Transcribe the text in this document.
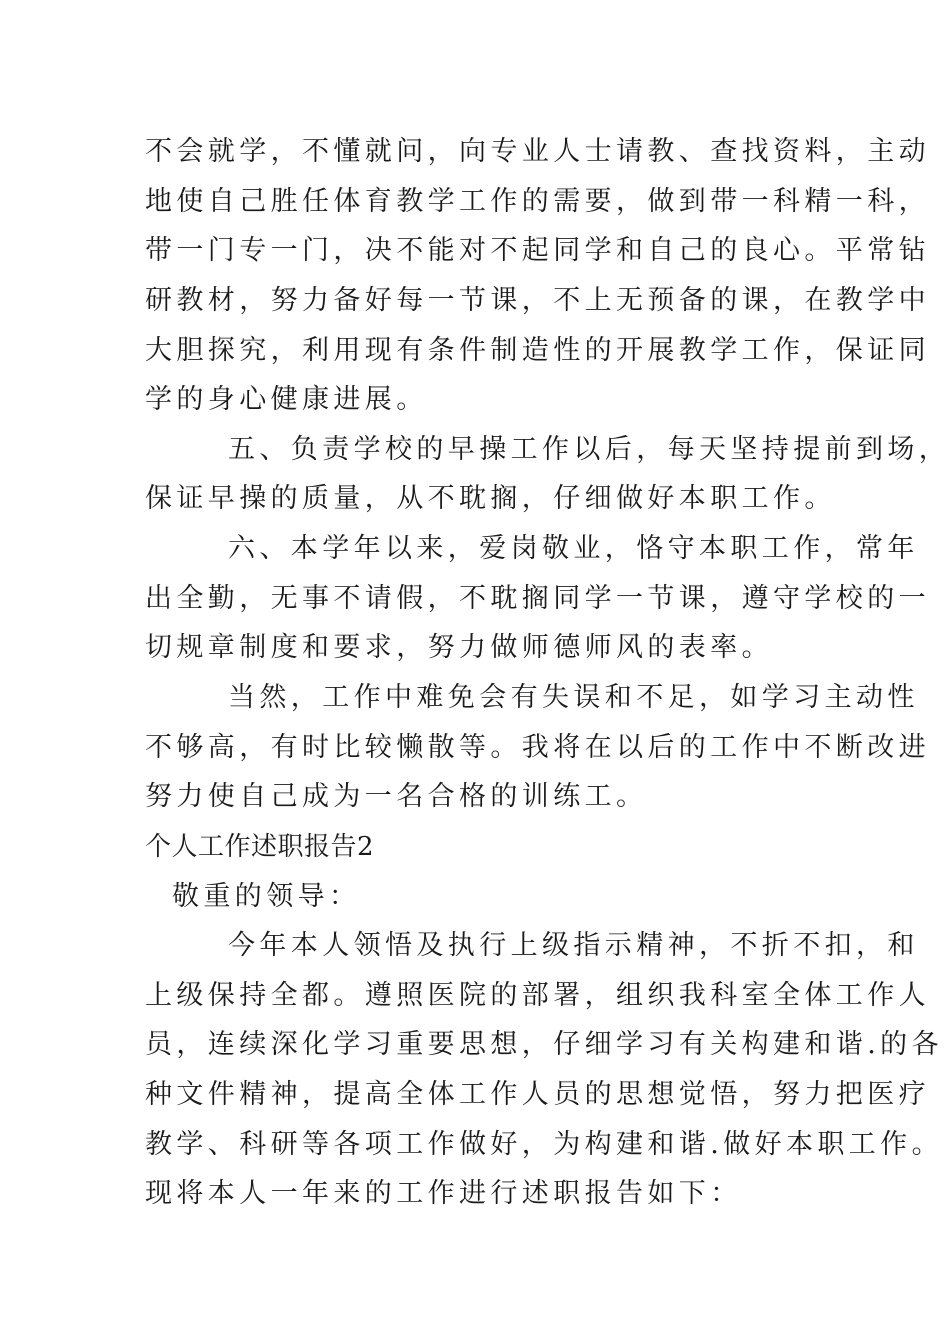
不会就学，不懂就问，向专业人士请教、查找资料，主动
地使自己胜任体育教学工作的需要，做到带一科精一科，
带一门专一门，决不能对不起同学和自己的良心。平常钻
研教材，努力备好每一节课，不上无预备的课，在教学中
大胆探究，利用现有条件制造性的开展教学工作，保证同
学的身心健康进展。
五、负责学校的早操工作以后，每天坚持提前到场，
保证早操的质量，从不耽搁，仔细做好本职工作。
六、本学年以来，爱岗敬业，恪守本职工作，常年
出全勤，无事不请假，不耽搁同学一节课，遵守学校的一
切规章制度和要求，努力做师德师风的表率。
当然，工作中难免会有失误和不足，如学习主动性
不够高，有时比较懒散等。我将在以后的工作中不断改进
努力使自己成为一名合格的训练工。
个人工作述职报告2
敬重的领导：
今年本人领悟及执行上级指示精神，不折不扣，和
上级保持全都。遵照医院的部署，组织我科室全体工作人
员，连续深化学习重要思想，仔细学习有关构建和谐.的各
种文件精神，提高全体工作人员的思想觉悟，努力把医疗
教学、科研等各项工作做好，为构建和谐.做好本职工作。
现将本人一年来的工作进行述职报告如下：
